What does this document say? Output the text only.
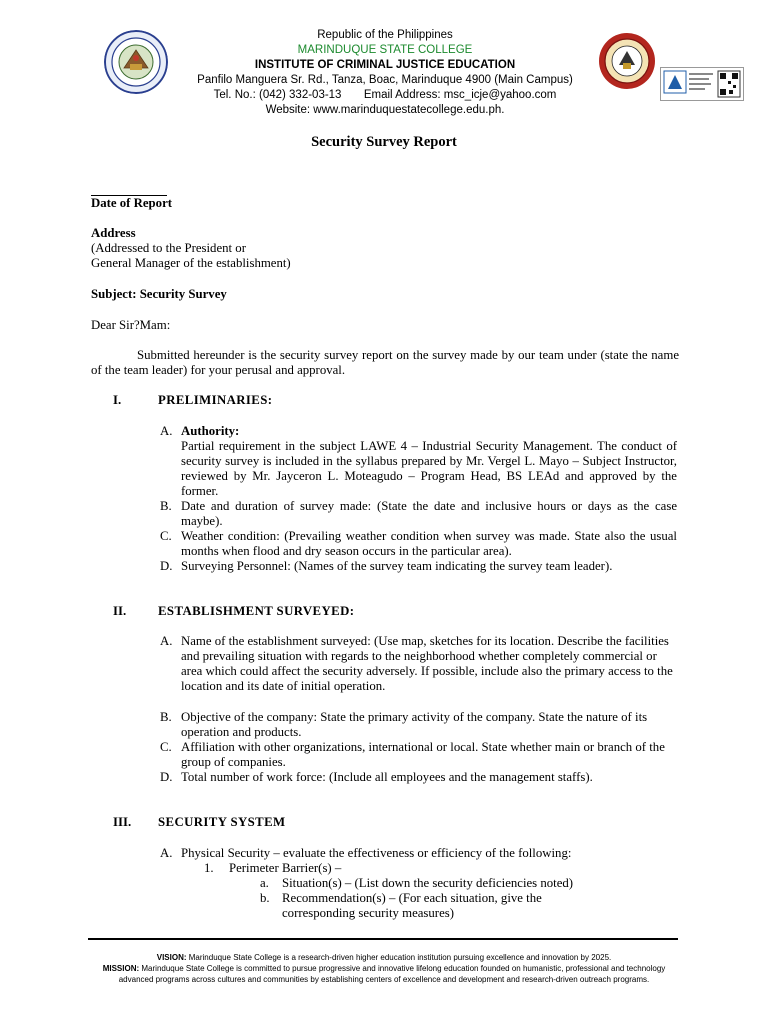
Republic of the Philippines
MARINDUQUE STATE COLLEGE
INSTITUTE OF CRIMINAL JUSTICE EDUCATION
Panfilo Manguera Sr. Rd., Tanza, Boac, Marinduque 4900 (Main Campus)
Tel. No.: (042) 332-03-13       Email Address: msc_icje@yahoo.com
Website: www.marinduquestatecollege.edu.ph.
Security Survey Report
Date of Report
Address
(Addressed to the President or
General Manager of the establishment)
Subject: Security Survey
Dear Sir?Mam:
Submitted hereunder is the security survey report on the survey made by our team under (state the name of the team leader) for your perusal and approval.
I.	PRELIMINARIES:
A. Authority:
Partial requirement in the subject LAWE 4 – Industrial Security Management. The conduct of security survey is included in the syllabus prepared by Mr. Vergel L. Mayo – Subject Instructor, reviewed by Mr. Jayceron L. Moteagudo – Program Head, BS LEAd and approved by the former.
B. Date and duration of survey made: (State the date and inclusive hours or days as the case maybe).
C. Weather condition: (Prevailing weather condition when survey was made. State also the usual months when flood and dry season occurs in the particular area).
D. Surveying Personnel: (Names of the survey team indicating the survey team leader).
II. ESTABLISHMENT SURVEYED:
A. Name of the establishment surveyed: (Use map, sketches for its location. Describe the facilities and prevailing situation with regards to the neighborhood whether completely commercial or area which could affect the security adversely. If possible, include also the primary access to the location and its date of initial operation.
B. Objective of the company: State the primary activity of the company. State the nature of its operation and products.
C. Affiliation with other organizations, international or local. State whether main or branch of the group of companies.
D. Total number of work force: (Include all employees and the management staffs).
III. SECURITY SYSTEM
A. Physical Security – evaluate the effectiveness or efficiency of the following:
1. Perimeter Barrier(s) –
a. Situation(s) – (List down the security deficiencies noted)
b. Recommendation(s) – (For each situation, give the corresponding security measures)
VISION: Marinduque State College is a research-driven higher education institution pursuing excellence and innovation by 2025.
MISSION: Marinduque State College is committed to pursue progressive and innovative lifelong education founded on humanistic, professional and technology advanced programs across cultures and communities by establishing centers of excellence and development and research-driven outreach programs.
